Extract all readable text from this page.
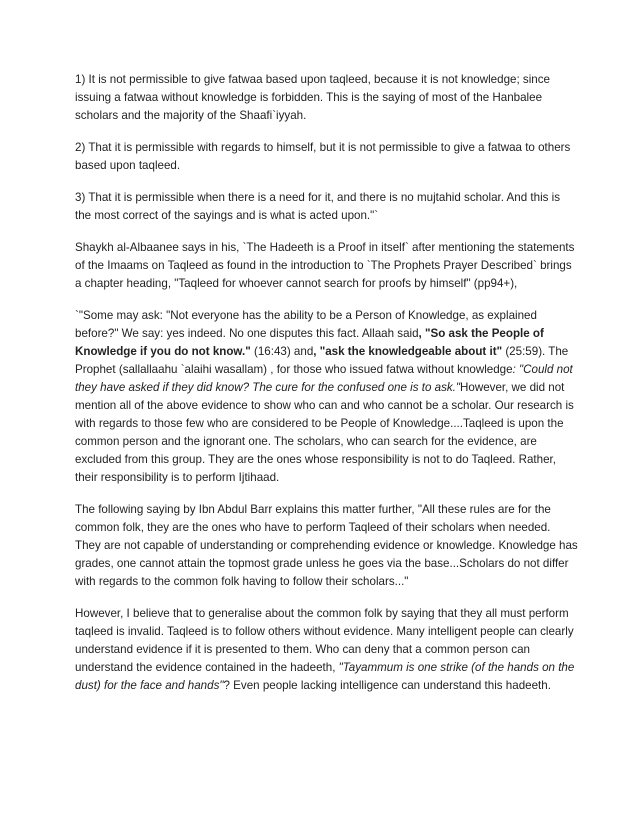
1) It is not permissible to give fatwaa based upon taqleed, because it is not knowledge; since issuing a fatwaa without knowledge is forbidden. This is the saying of most of the Hanbalee scholars and the majority of the Shaafi`iyyah.

2) That it is permissible with regards to himself, but it is not permissible to give a fatwaa to others based upon taqleed.

3) That it is permissible when there is a need for it, and there is no mujtahid scholar. And this is the most correct of the sayings and is what is acted upon."`

Shaykh al-Albaanee says in his, `The Hadeeth is a Proof in itself` after mentioning the statements of the Imaams on Taqleed as found in the introduction to `The Prophets Prayer Described` brings a chapter heading, "Taqleed for whoever cannot search for proofs by himself" (pp94+),

`"Some may ask: "Not everyone has the ability to be a Person of Knowledge, as explained before?" We say: yes indeed. No one disputes this fact. Allaah said, "So ask the People of Knowledge if you do not know." (16:43) and, "ask the knowledgeable about it" (25:59). The Prophet (sallallaahu `alaihi wasallam) , for those who issued fatwa without knowledge: "Could not they have asked if they did know? The cure for the confused one is to ask."However, we did not mention all of the above evidence to show who can and who cannot be a scholar. Our research is with regards to those few who are considered to be People of Knowledge....Taqleed is upon the common person and the ignorant one. The scholars, who can search for the evidence, are excluded from this group. They are the ones whose responsibility is not to do Taqleed. Rather, their responsibility is to perform Ijtihaad.

The following saying by Ibn Abdul Barr explains this matter further, "All these rules are for the common folk, they are the ones who have to perform Taqleed of their scholars when needed. They are not capable of understanding or comprehending evidence or knowledge. Knowledge has grades, one cannot attain the topmost grade unless he goes via the base...Scholars do not differ with regards to the common folk having to follow their scholars..."

However, I believe that to generalise about the common folk by saying that they all must perform taqleed is invalid. Taqleed is to follow others without evidence. Many intelligent people can clearly understand evidence if it is presented to them. Who can deny that a common person can understand the evidence contained in the hadeeth, "Tayammum is one strike (of the hands on the dust) for the face and hands"? Even people lacking intelligence can understand this hadeeth.
